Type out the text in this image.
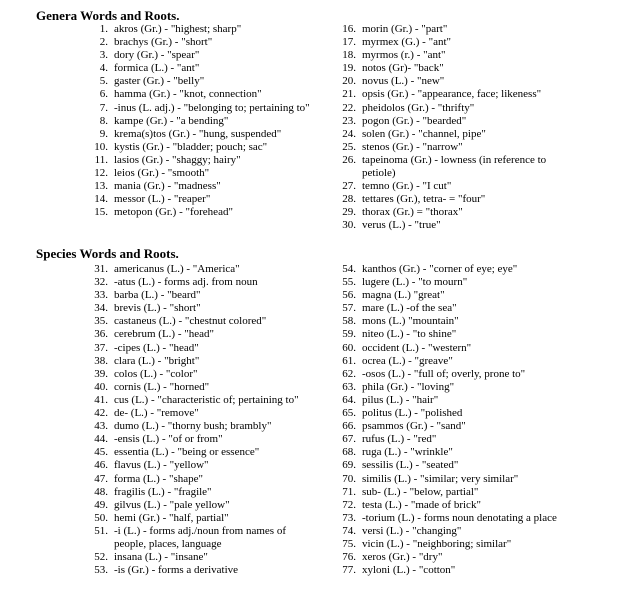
Genera Words and Roots.
1. akros (Gr.) - "highest; sharp"
2. brachys (Gr.) - "short"
3. dory (Gr.) - "spear"
4. formica (L.) - "ant"
5. gaster (Gr.) - "belly"
6. hamma (Gr.) - "knot, connection"
7. -inus (L. adj.) - "belonging to; pertaining to"
8. kampe (Gr.) - "a bending"
9. krema(s)tos (Gr.) - "hung, suspended"
10. kystis (Gr.) - "bladder; pouch; sac"
11. lasios (Gr.) - "shaggy; hairy"
12. leios (Gr.) - "smooth"
13. mania (Gr.) - "madness"
14. messor (L.) - "reaper"
15. metopon (Gr.) - "forehead"
16. morin (Gr.) - "part"
17. myrmex (G.) - "ant"
18. myrmos (r.) - "ant"
19. notos (Gr)- "back"
20. novus (L.) - "new"
21. opsis (Gr.) - "appearance, face; likeness"
22. pheidolos (Gr.) - "thrifty"
23. pogon (Gr.) - "bearded"
24. solen (Gr.) - "channel, pipe"
25. stenos (Gr.) - "narrow"
26. tapeinoma (Gr.) - lowness (in reference to
petiole)
27. temno (Gr.) - "I cut"
28. tettares (Gr.), tetra- = "four"
29. thorax (Gr.) = "thorax"
30. verus (L.) - "true"
Species Words and Roots.
31. americanus (L.) - "America"
32. -atus (L.) - forms adj. from noun
33. barba (L.) - "beard"
34. brevis (L.) - "short"
35. castaneus (L.) - "chestnut colored"
36. cerebrum (L.) - "head"
37. -cipes (L.) - "head"
38. clara (L.) - "bright"
39. colos (L.) - "color"
40. cornis (L.) - "horned"
41. cus (L.) - "characteristic of; pertaining to"
42. de- (L.) - "remove"
43. dumo (L.) - "thorny bush; brambly"
44. -ensis (L.) - "of or from"
45. essentia (L.) - "being or essence"
46. flavus (L.) - "yellow"
47. forma (L.) - "shape"
48. fragilis (L.) - "fragile"
49. gilvus (L.) - "pale yellow"
50. hemi (Gr.) - "half, partial"
51. -i (L.) - forms adj./noun from names of
people, places, language
52. insana (L.) - "insane"
53. -is (Gr.) - forms a derivative
54. kanthos (Gr.) - "corner of eye; eye"
55. lugere (L.) - "to mourn"
56. magna (L.) "great"
57. mare (L.) -of the sea"
58. mons (L.) "mountain"
59. niteo (L.) - "to shine"
60. occident (L.) - "western"
61. ocrea (L.) - "greave"
62. -osos (L.) - "full of; overly, prone to"
63. phila (Gr.) - "loving"
64. pilus (L.) - "hair"
65. politus (L.) - "polished
66. psammos (Gr.) - "sand"
67. rufus (L.) - "red"
68. ruga (L.) - "wrinkle"
69. sessilis (L.) - "seated"
70. similis (L.) - "similar; very similar"
71. sub- (L.) - "below, partial"
72. testa (L.) - "made of brick"
73. -torium (L.) - forms noun denotating a place
74. versi (L.) - "changing"
75. vicin (L.) - "neighboring; similar"
76. xeros (Gr.) - "dry"
77. xyloni (L.) - "cotton"
